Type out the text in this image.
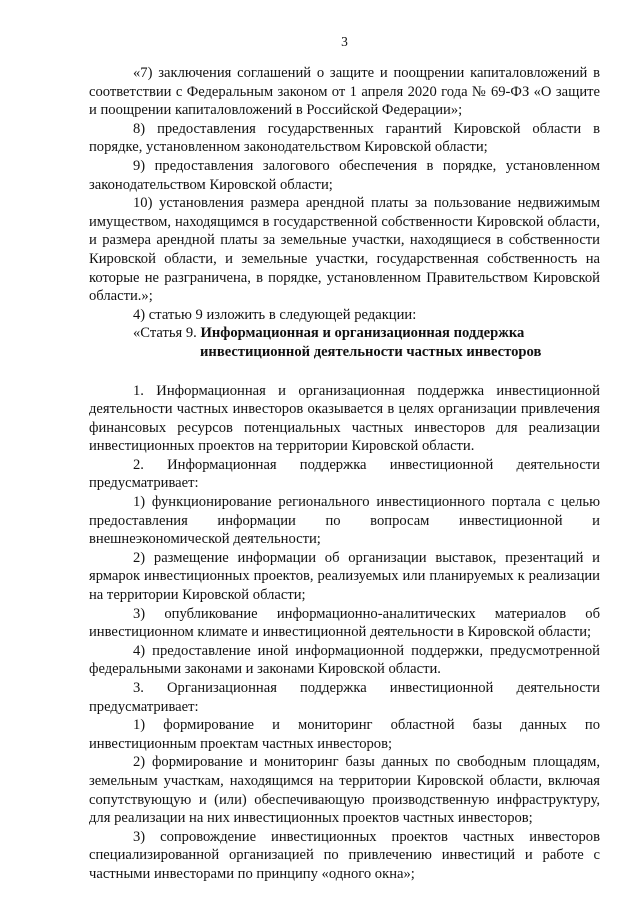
3

«7) заключения соглашений о защите и поощрении капиталовложений в соответствии с Федеральным законом от 1 апреля 2020 года № 69-ФЗ «О защите и поощрении капиталовложений в Российской Федерации»;

8) предоставления государственных гарантий Кировской области в порядке, установленном законодательством Кировской области;

9) предоставления залогового обеспечения в порядке, установленном законодательством Кировской области;

10) установления размера арендной платы за пользование недвижимым имуществом, находящимся в государственной собственности Кировской области, и размера арендной платы за земельные участки, находящиеся в собственности Кировской области, и земельные участки, государственная собственность на которые не разграничена, в порядке, установленном Правительством Кировской области.»;

4) статью 9 изложить в следующей редакции:

«Статья 9. Информационная и организационная поддержка
инвестиционной деятельности частных инвесторов

1. Информационная и организационная поддержка инвестиционной деятельности частных инвесторов оказывается в целях организации привлечения финансовых ресурсов потенциальных частных инвесторов для реализации инвестиционных проектов на территории Кировской области.

2. Информационная поддержка инвестиционной деятельности предусматривает:

1) функционирование регионального инвестиционного портала с целью предоставления информации по вопросам инвестиционной и внешнеэкономической деятельности;

2) размещение информации об организации выставок, презентаций и ярмарок инвестиционных проектов, реализуемых или планируемых к реализации на территории Кировской области;

3) опубликование информационно-аналитических материалов об инвестиционном климате и инвестиционной деятельности в Кировской области;

4) предоставление иной информационной поддержки, предусмотренной федеральными законами и законами Кировской области.

3. Организационная поддержка инвестиционной деятельности предусматривает:

1) формирование и мониторинг областной базы данных по инвестиционным проектам частных инвесторов;

2) формирование и мониторинг базы данных по свободным площадям, земельным участкам, находящимся на территории Кировской области, включая сопутствующую и (или) обеспечивающую производственную инфраструктуру, для реализации на них инвестиционных проектов частных инвесторов;

3) сопровождение инвестиционных проектов частных инвесторов специализированной организацией по привлечению инвестиций и работе с частными инвесторами по принципу «одного окна»;
